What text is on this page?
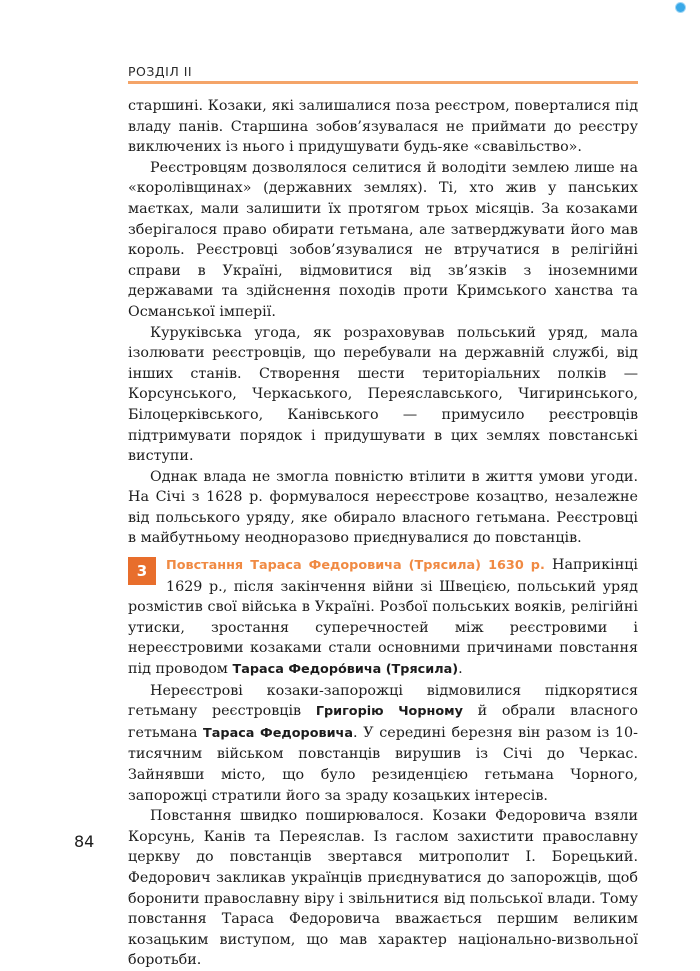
РОЗДІЛ II

старшині. Козаки, які залишалися поза реєстром, поверталися під владу панів. Старшина зобов’язувалася не приймати до реєстру виключених із нього і придушувати будь-яке «свавільство».

Реєстровцям дозволялося селитися й володіти землею лише на «королівщинах» (державних землях). Ті, хто жив у панських маєтках, мали залишити їх протягом трьох місяців. За козаками зберігалося право обирати гетьмана, але затверджувати його мав король. Реєстровці зобов’язувалися не втручатися в релігійні справи в Україні, відмовитися від зв’язків з іноземними державами та здійснення походів проти Кримського ханства та Османської імперії.

Куруківська угода, як розраховував польський уряд, мала ізолювати реєстровців, що перебували на державній службі, від інших станів. Створення шести територіальних полків — Корсунського, Черкаського, Переяславського, Чигиринського, Білоцерківського, Канівського — примусило реєстровців підтримувати порядок і придушувати в цих землях повстанські виступи.

Однак влада не змогла повністю втілити в життя умови угоди. На Січі з 1628 р. формувалося нереєстрове козацтво, незалежне від польського уряду, яке обирало власного гетьмана. Реєстровці в майбутньому неодноразово приєднувалися до повстанців.

3	Повстання Тараса Федоровича (Трясила) 1630 р. Наприкінці 1629 р., після закінчення війни зі Швецією, польський уряд розмістив свої війська в Україні. Розбої польських вояків, релігійні утиски, зростання суперечностей між реєстровими і нереєстровими козаками стали основними причинами повстання під проводом Тараса Федоро́вича (Трясила).

Нереєстрові козаки-запорожці відмовилися підкорятися гетьману реєстровців Григорію Чорному й обрали власного гетьмана Тараса Федоровича. У середині березня він разом із 10-тисячним військом повстанців вирушив із Січі до Черкас. Зайнявши місто, що було резиденцією гетьмана Чорного, запорожці стратили його за зраду козацьких інтересів.

Повстання швидко поширювалося. Козаки Федоровича взяли Корсунь, Канів та Переяслав. Із гаслом захистити православну церкву до повстанців звертався митрополит І. Борецький. Федорович закликав українців приєднуватися до запорожців, щоб боронити православну віру і звільнитися від польської влади. Тому повстання Тараса Федоровича вважається першим великим козацьким виступом, що мав характер національно-визвольної боротьби.

84
